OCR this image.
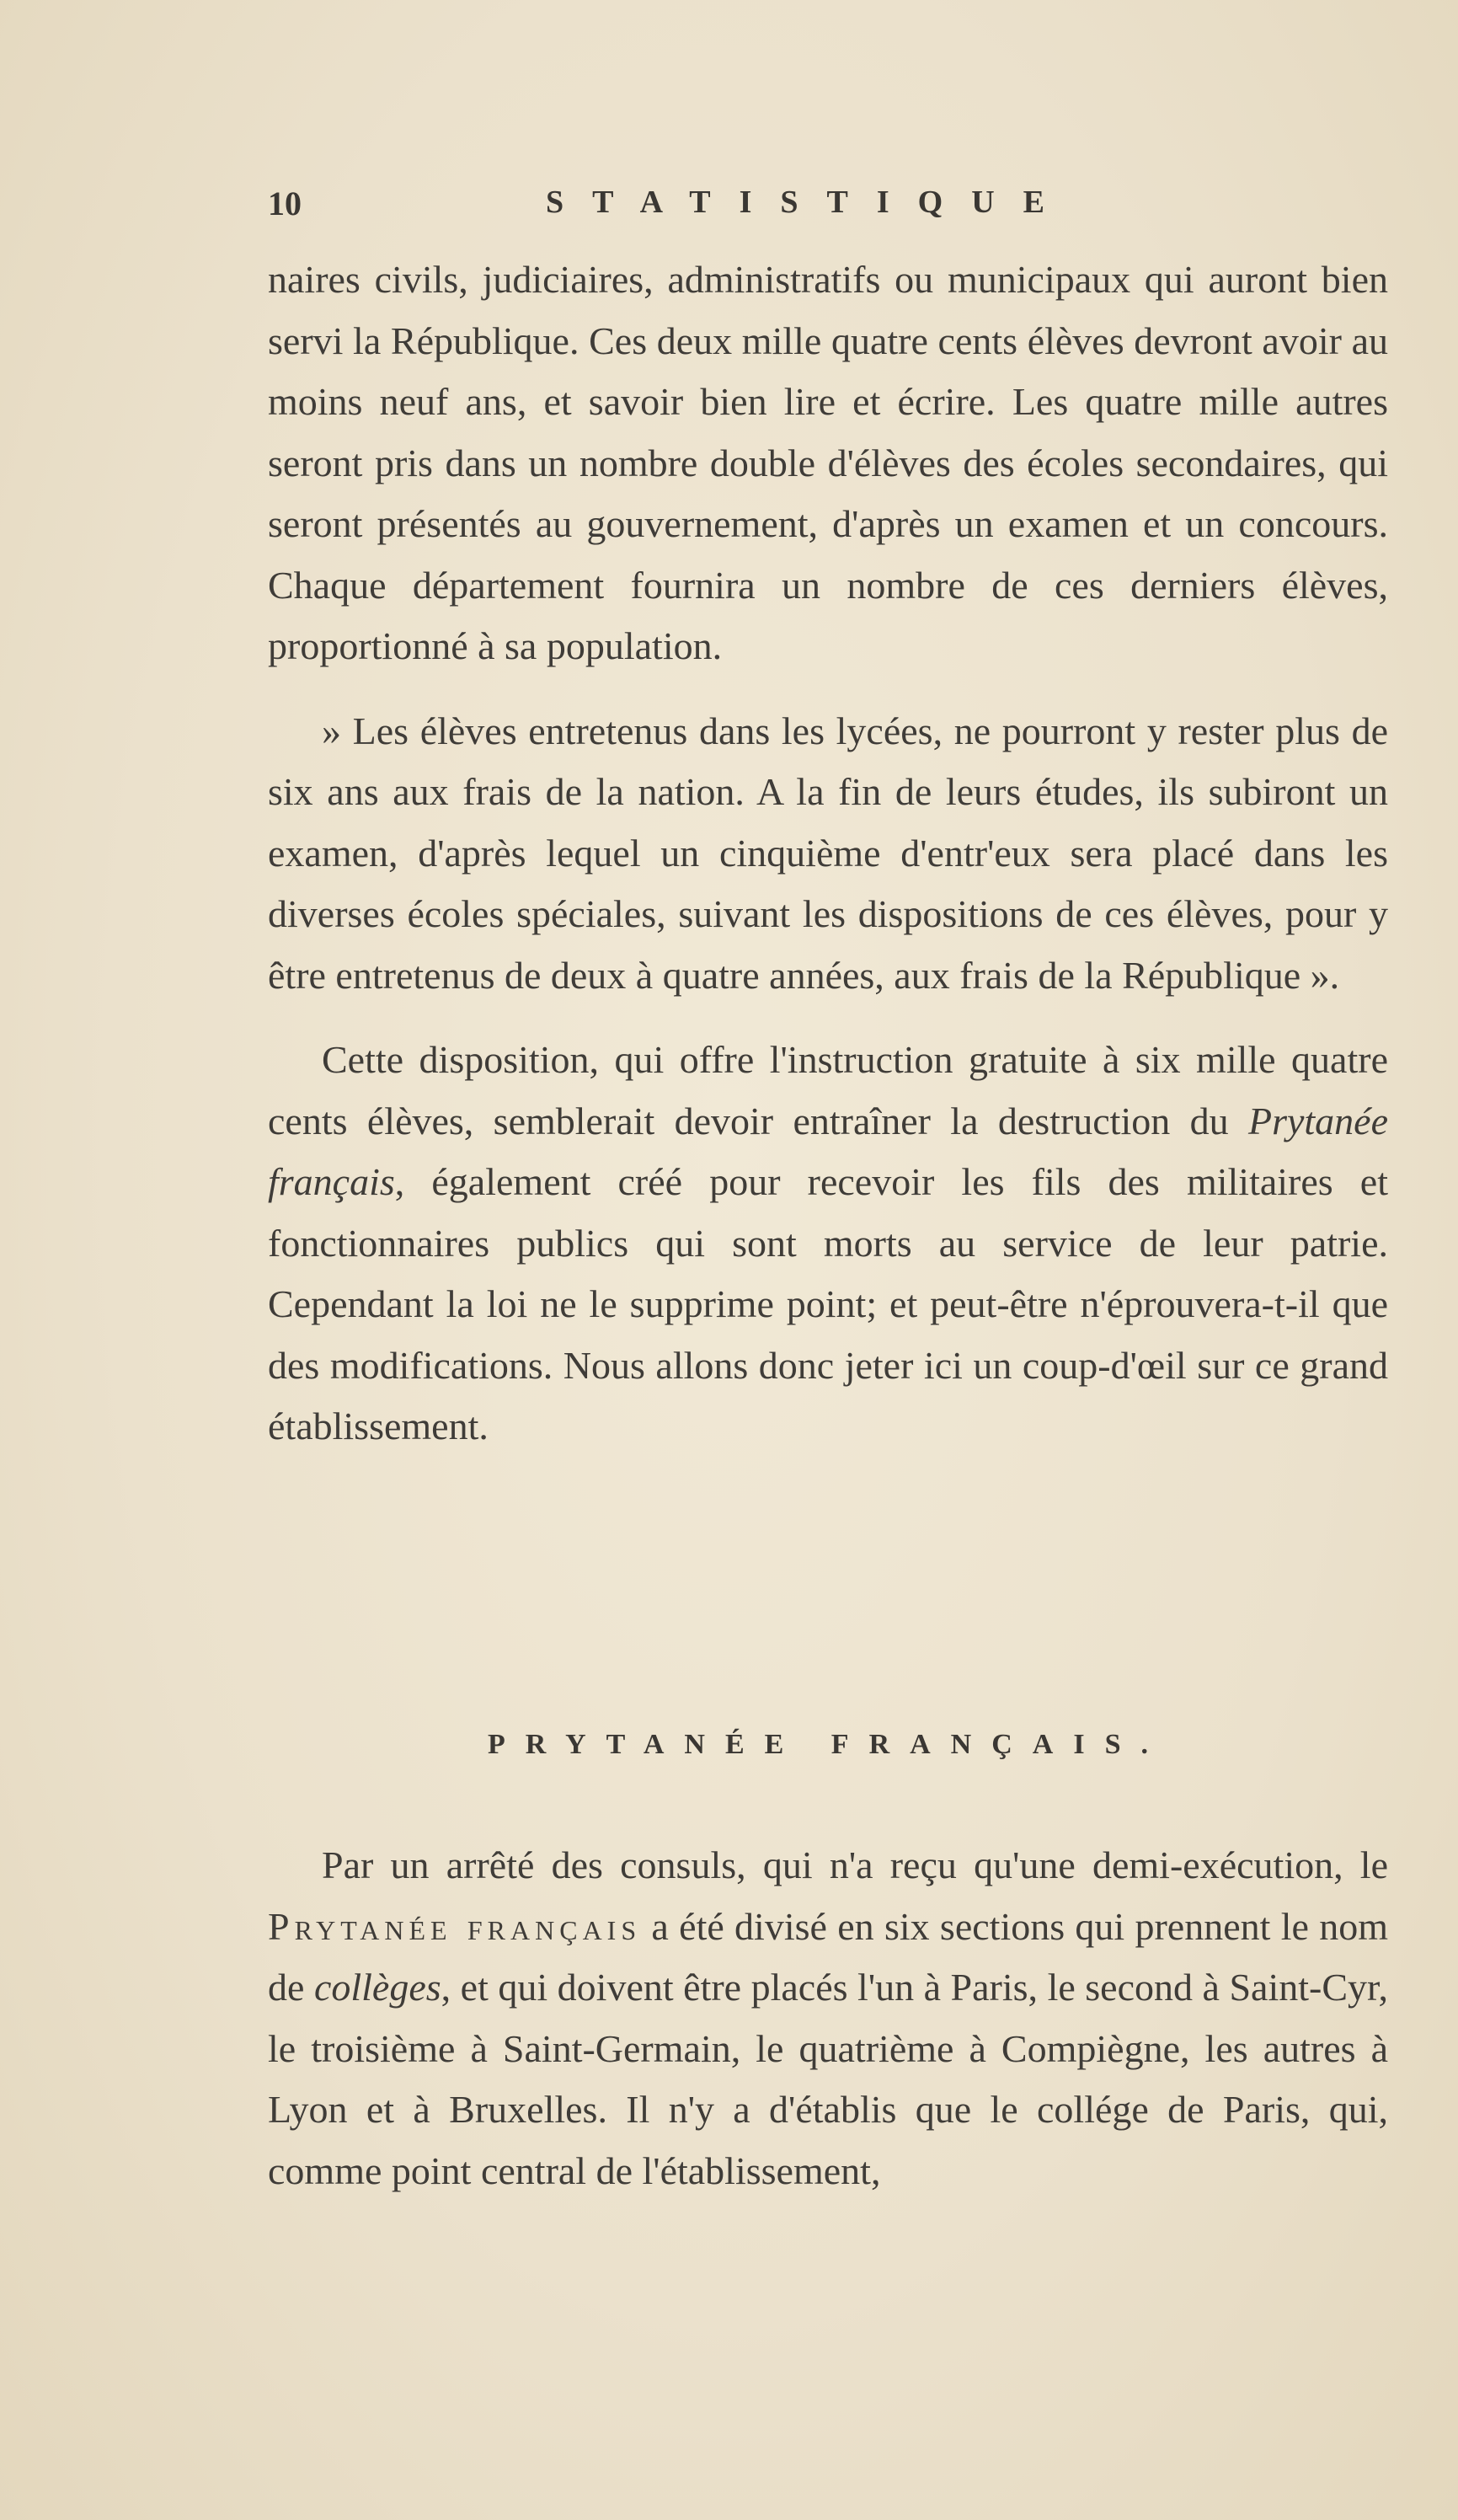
10	STATISTIQUE

naires civils, judiciaires, administratifs ou municipaux qui auront bien servi la République. Ces deux mille quatre cents élèves devront avoir au moins neuf ans, et savoir bien lire et écrire. Les quatre mille autres seront pris dans un nombre double d'élèves des écoles secondaires, qui seront présentés au gouvernement, d'après un examen et un concours. Chaque département fournira un nombre de ces derniers élèves, proportionné à sa population.

» Les élèves entretenus dans les lycées, ne pourront y rester plus de six ans aux frais de la nation. A la fin de leurs études, ils subiront un examen, d'après lequel un cinquième d'entr'eux sera placé dans les diverses écoles spéciales, suivant les dispositions de ces élèves, pour y être entretenus de deux à quatre années, aux frais de la République ».

Cette disposition, qui offre l'instruction gratuite à six mille quatre cents élèves, semblerait devoir entraîner la destruction du Prytanée français, également créé pour recevoir les fils des militaires et fonctionnaires publics qui sont morts au service de leur patrie. Cependant la loi ne le supprime point; et peut-être n'éprouvera-t-il que des modifications. Nous allons donc jeter ici un coup-d'œil sur ce grand établissement.

PRYTANÉE FRANÇAIS.

Par un arrêté des consuls, qui n'a reçu qu'une demi-exécution, le Prytanée français a été divisé en six sections qui prennent le nom de collèges, et qui doivent être placés l'un à Paris, le second à Saint-Cyr, le troisième à Saint-Germain, le quatrième à Compiègne, les autres à Lyon et à Bruxelles. Il n'y a d'établis que le collége de Paris, qui, comme point central de l'établissement,
